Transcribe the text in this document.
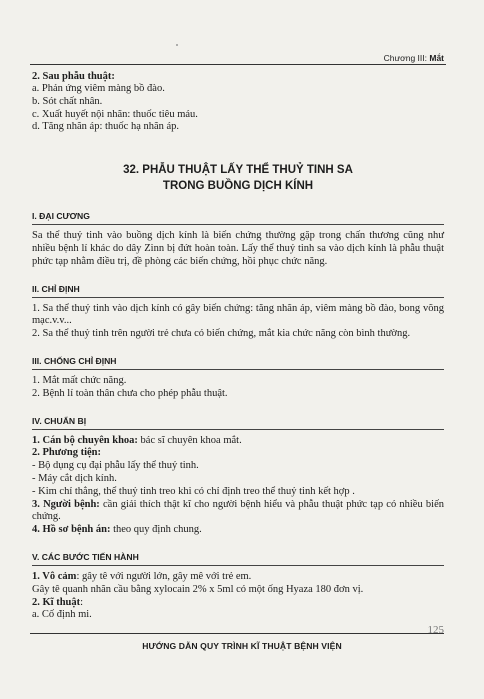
Chương III: Mắt

2. Sau phẫu thuật:

a. Phản ứng viêm màng bồ đào.

b. Sót chất nhân.

c. Xuất huyết nội nhãn: thuốc tiêu máu.

d. Tăng nhãn áp: thuốc hạ nhãn áp.

32. PHẪU THUẬT LẤY THỂ THUỶ TINH SA

TRONG BUỒNG DỊCH KÍNH

I. ĐẠI CƯƠNG

Sa thể thuỷ tinh vào buồng dịch kính là biến chứng thường gặp trong chấn thương cũng như nhiều bệnh lí khác do dây Zinn bị đứt hoàn toàn. Lấy thể thuỷ tinh sa vào dịch kính là phẫu thuật phức tạp nhằm điều trị, đề phòng các biến chứng, hồi phục chức năng.

II. CHỈ ĐỊNH

1. Sa thể thuỷ tinh vào dịch kính có gây biến chứng: tăng nhãn áp, viêm màng bồ đào, bong võng mạc.v.v...

2. Sa thể thuỷ tinh trên người trẻ chưa có biến chứng, mắt kia chức năng còn bình thường.

III. CHỐNG CHỈ ĐỊNH

1. Mắt mất chức năng.

2. Bệnh lí toàn thân chưa cho phép phẫu thuật.

IV. CHUẨN BỊ

1. Cán bộ chuyên khoa: bác sĩ chuyên khoa mắt.

2. Phương tiện:

- Bộ dụng cụ đại phẫu lấy thể thuỷ tinh.

- Máy cắt dịch kính.

- Kim chỉ thẳng, thể thuỷ tinh treo khi có chỉ định treo thể thuỷ tinh kết hợp .

3. Người bệnh: cần giải thích thật kĩ cho người bệnh hiểu và phẫu thuật phức tạp có nhiều biến chứng.

4. Hồ sơ bệnh án: theo quy định chung.

V. CÁC BƯỚC TIẾN HÀNH

1. Vô cảm: gây tê với người lớn, gây mê với trẻ em.

Gây tê quanh nhãn cầu bằng xylocain 2% x 5ml có một ống Hyaza 180 đơn vị.

2. Kĩ thuật:

a. Cố định mi.

125
HƯỚNG DẪN QUY TRÌNH KĨ THUẬT BỆNH VIỆN
